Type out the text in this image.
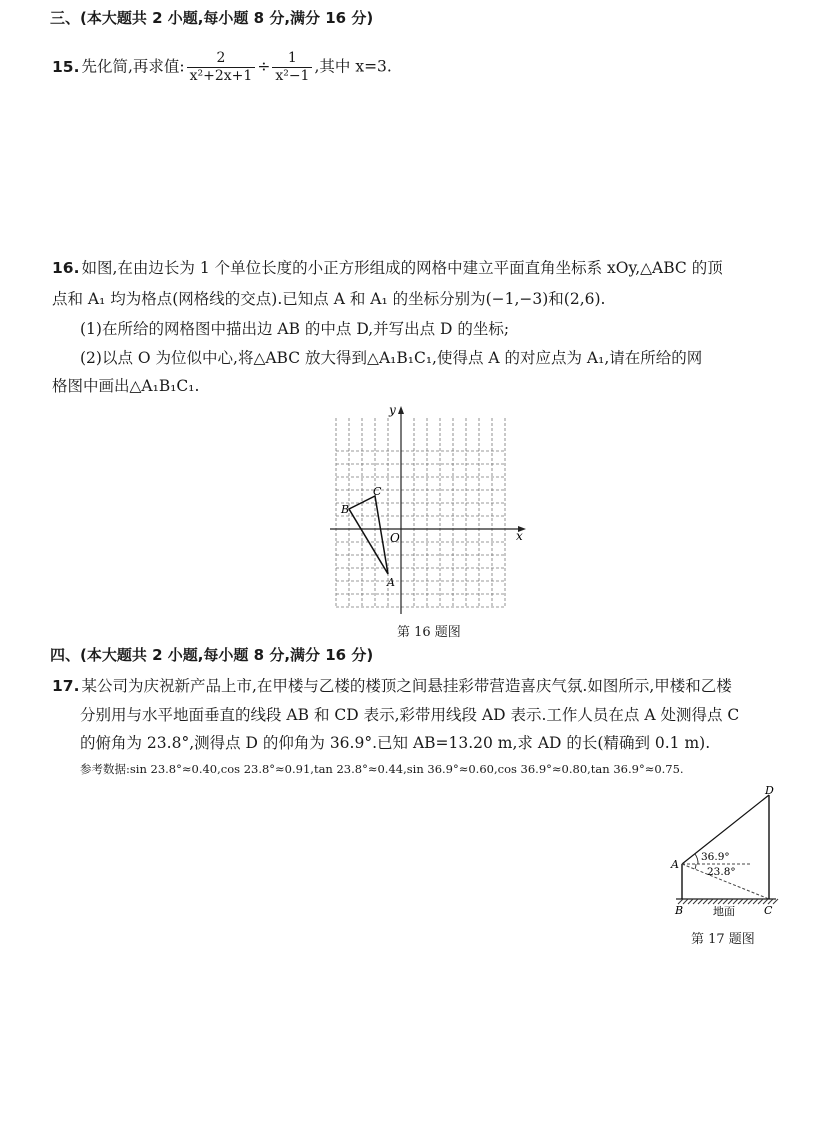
三、(本大题共 2 小题,每小题 8 分,满分 16 分)
15. 先化简,再求值: $\frac{2}{\text{x²+2x+1}} \div \frac{1}{\text{x²−1}}$ ,其中 x=3.
16. 如图,在由边长为 1 个单位长度的小正方形组成的网格中建立平面直角坐标系 xOy,△ABC 的顶
点和 A₁ 均为格点(网格线的交点).已知点 A 和 A₁ 的坐标分别为(−1,−3)和(2,6).
(1)在所给的网格图中描出边 AB 的中点 D,并写出点 D 的坐标;
(2)以点 O 为位似中心,将△ABC 放大得到△A₁B₁C₁,使得点 A 的对应点为 A₁,请在所给的网
格图中画出△A₁B₁C₁.
x
y
O
A
B
C
第 16 题图
四、(本大题共 2 小题,每小题 8 分,满分 16 分)
17. 某公司为庆祝新产品上市,在甲楼与乙楼的楼顶之间悬挂彩带营造喜庆气氛.如图所示,甲楼和乙楼
分别用与水平地面垂直的线段 AB 和 CD 表示,彩带用线段 AD 表示.工作人员在点 A 处测得点 C
的俯角为 23.8°,测得点 D 的仰角为 36.9°.已知 AB=13.20 m,求 AD 的长(精确到 0.1 m).
参考数据:sin 23.8°≈0.40,cos 23.8°≈0.91,tan 23.8°≈0.44,sin 36.9°≈0.60,cos 36.9°≈0.80,tan 36.9°≈0.75.
36.9°
23.8°
A
B	C
D
地面
第 17 题图
